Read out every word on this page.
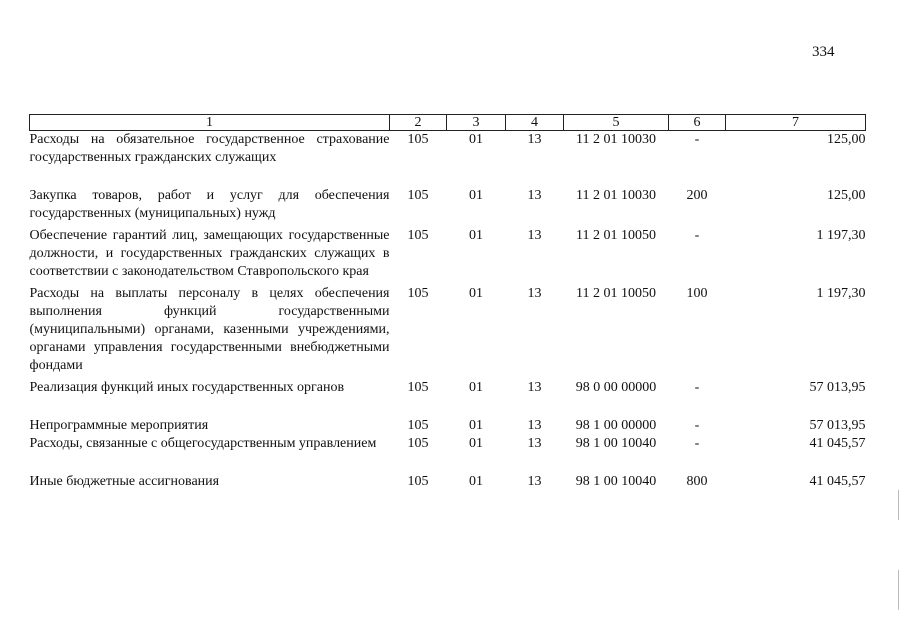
334
1	2	3	4	5	6	7
Расходы на обязательное государственное страхование государственных гражданских служащих	105	01	13	11 2 01 10030	-	125,00
Закупка товаров, работ и услуг для обеспечения государственных (муниципальных) нужд	105	01	13	11 2 01 10030	200	125,00
Обеспечение гарантий лиц, замещающих государственные должности, и государственных гражданских служащих в соответствии с законодательством Ставропольского края	105	01	13	11 2 01 10050	-	1 197,30
Расходы на выплаты персоналу в целях обеспечения выполнения функций государственными (муниципальными) органами, казенными учреждениями, органами управления государственными внебюджетными фондами	105	01	13	11 2 01 10050	100	1 197,30
Реализация функций иных государственных органов	105	01	13	98 0 00 00000	-	57 013,95
Непрограммные мероприятия	105	01	13	98 1 00 00000	-	57 013,95
Расходы, связанные с общегосударственным управлением	105	01	13	98 1 00 10040	-	41 045,57
Иные бюджетные ассигнования	105	01	13	98 1 00 10040	800	41 045,57
